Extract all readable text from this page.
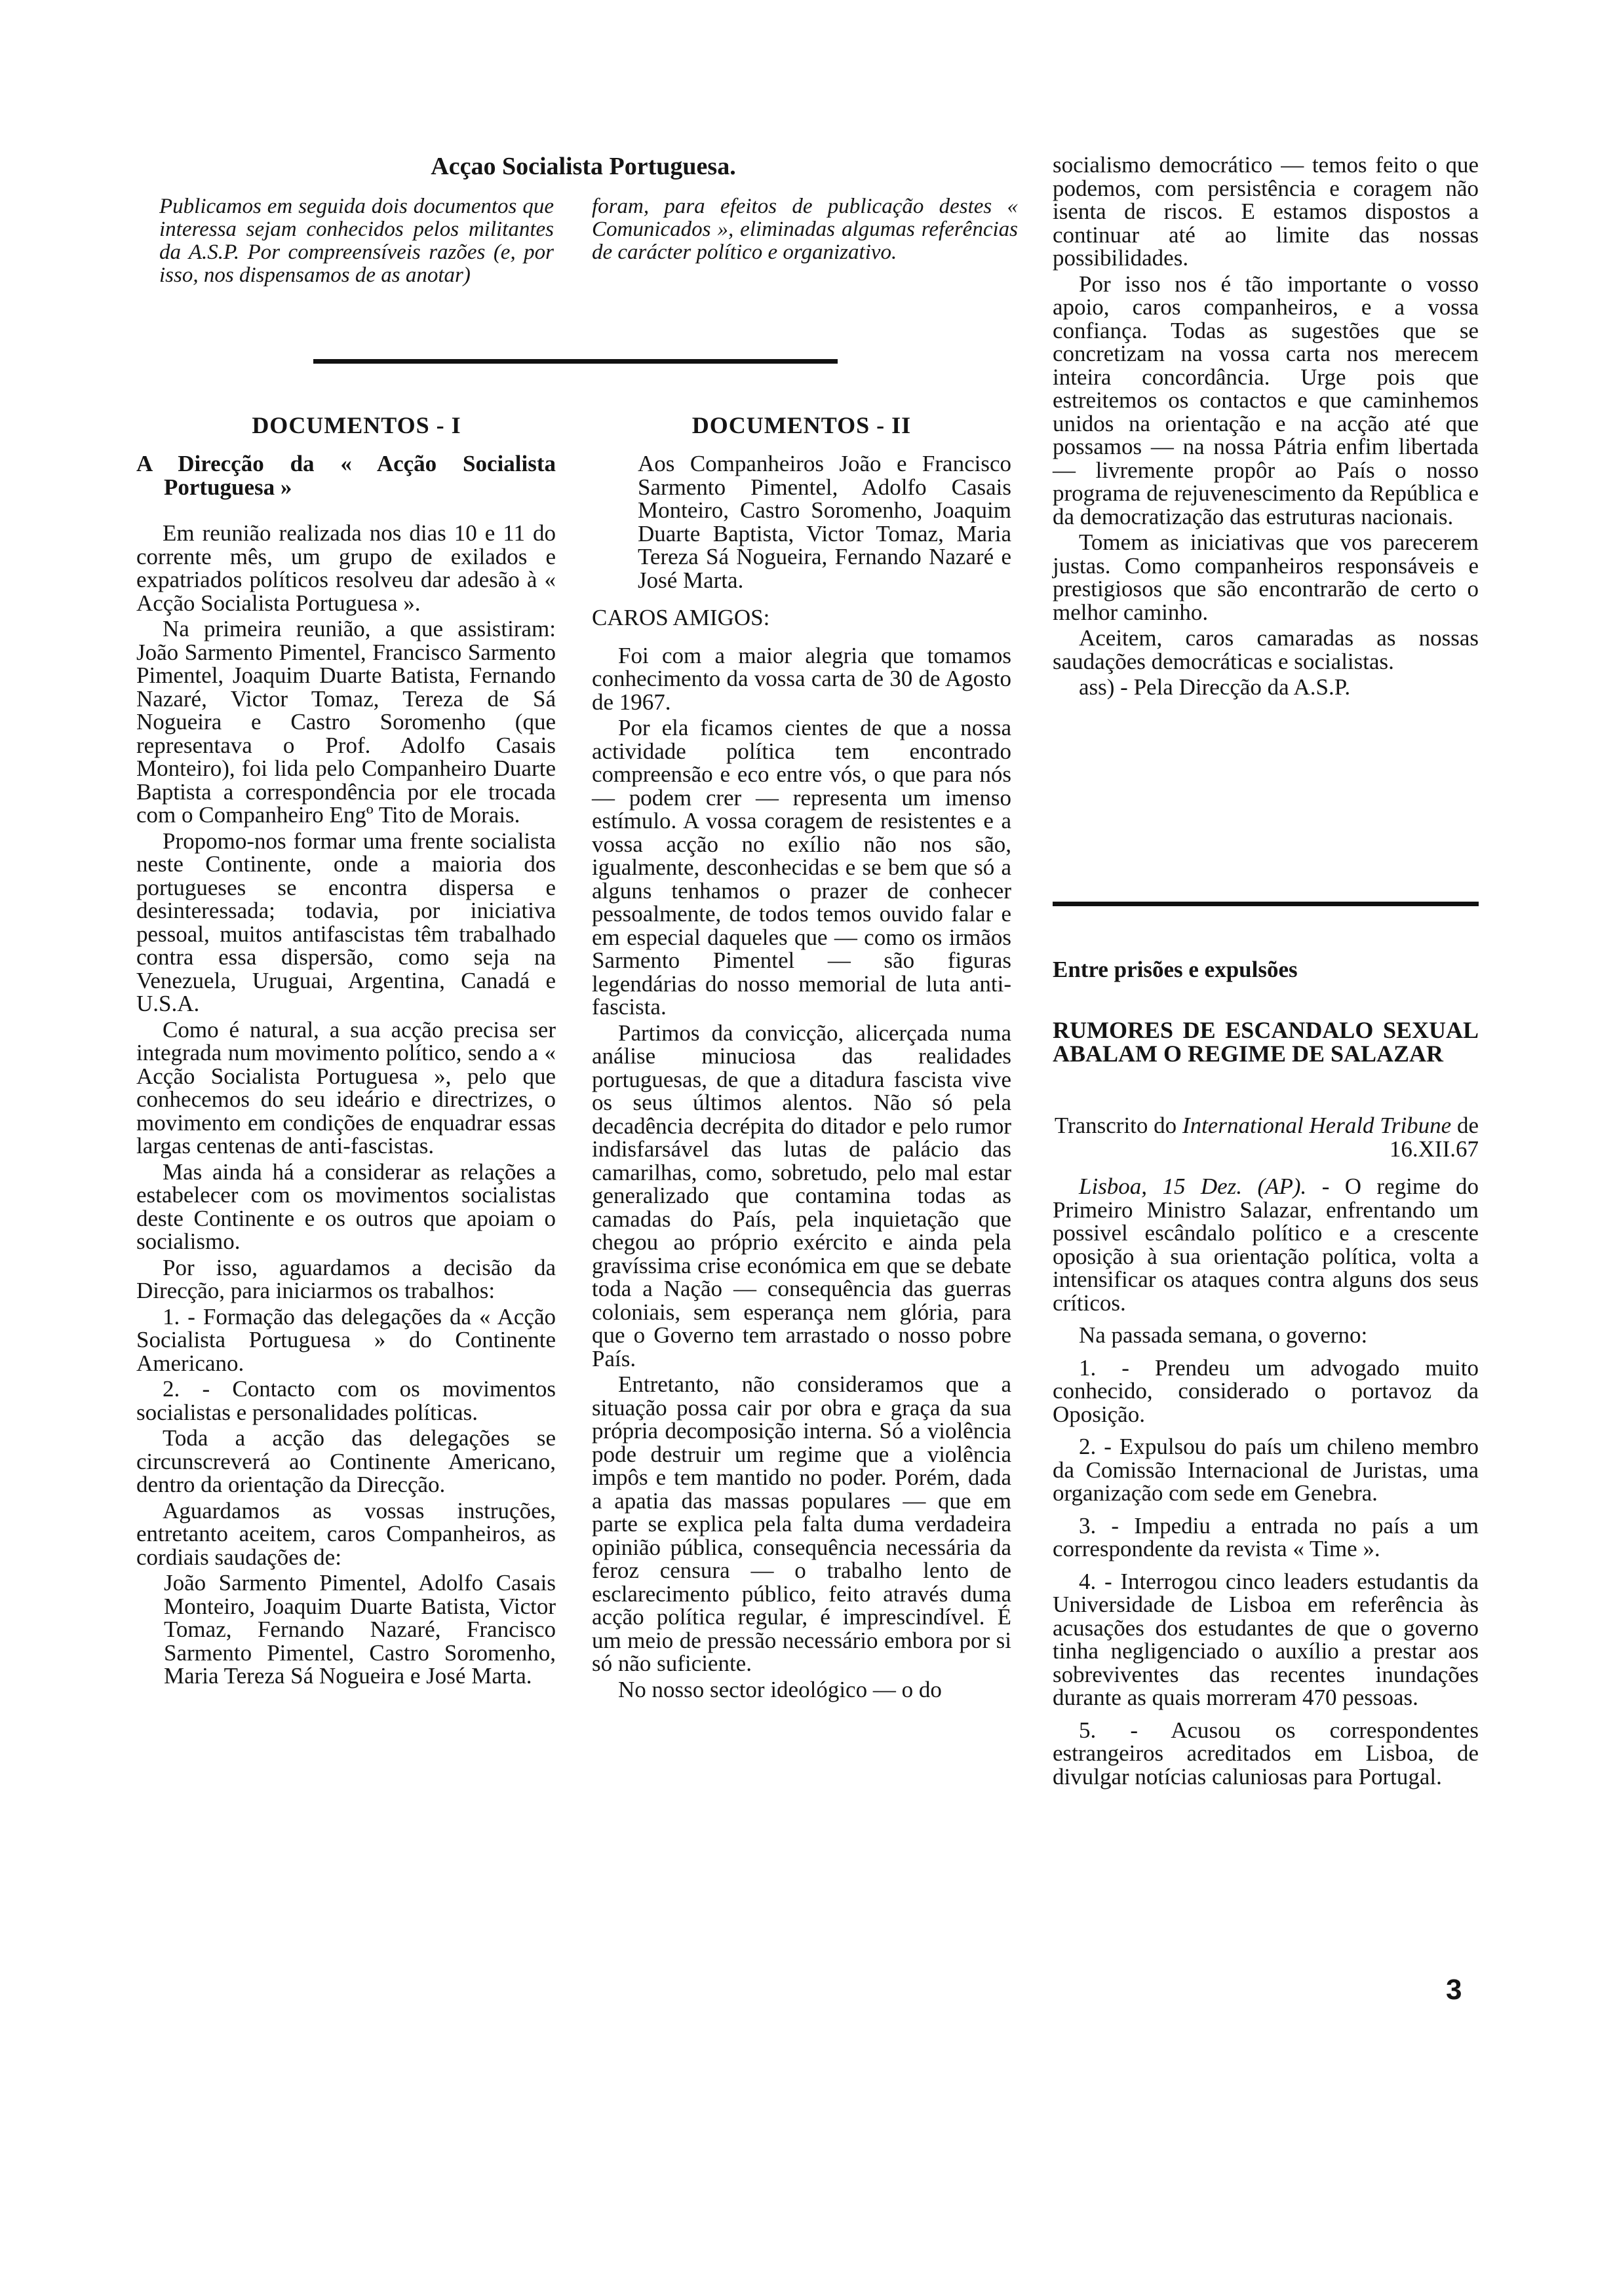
Acçao Socialista Portuguesa.
Publicamos em seguida dois documentos que interessa sejam conhecidos pelos militantes da A.S.P. Por compreensíveis razões (e, por isso, nos dispensamos de as anotar)
foram, para efeitos de publicação destes « Comunicados », eliminadas algumas referências de carácter político e organizativo.
DOCUMENTOS - I

A Direcção da « Acção Socialista Portuguesa »

Em reunião realizada nos dias 10 e 11 do corrente mês, um grupo de exilados e expatriados políticos resolveu dar adesão à « Acção Socialista Portuguesa ».

Na primeira reunião, a que assistiram: João Sarmento Pimentel, Francisco Sarmento Pimentel, Joaquim Duarte Batista, Fernando Nazaré, Victor Tomaz, Tereza de Sá Nogueira e Castro Soromenho (que representava o Prof. Adolfo Casais Monteiro), foi lida pelo Companheiro Duarte Baptista a correspondência por ele trocada com o Companheiro Engº Tito de Morais.

Propomo-nos formar uma frente socialista neste Continente, onde a maioria dos portugueses se encontra dispersa e desinteressada; todavia, por iniciativa pessoal, muitos antifascistas têm trabalhado contra essa dispersão, como seja na Venezuela, Uruguai, Argentina, Canadá e U.S.A.

Como é natural, a sua acção precisa ser integrada num movimento político, sendo a « Acção Socialista Portuguesa », pelo que conhecemos do seu ideário e directrizes, o movimento em condições de enquadrar essas largas centenas de anti-fascistas.

Mas ainda há a considerar as relações a estabelecer com os movimentos socialistas deste Continente e os outros que apoiam o socialismo.

Por isso, aguardamos a decisão da Direcção, para iniciarmos os trabalhos:

1. - Formação das delegações da « Acção Socialista Portuguesa » do Continente Americano.

2. - Contacto com os movimentos socialistas e personalidades políticas.

Toda a acção das delegações se circunscreverá ao Continente Americano, dentro da orientação da Direcção.

Aguardamos as vossas instruções, entretanto aceitem, caros Companheiros, as cordiais saudações de:

João Sarmento Pimentel, Adolfo Casais Monteiro, Joaquim Duarte Batista, Victor Tomaz, Fernando Nazaré, Francisco Sarmento Pimentel, Castro Soromenho, Maria Tereza Sá Nogueira e José Marta.

DOCUMENTOS - II

Aos Companheiros João e Francisco Sarmento Pimentel, Adolfo Casais Monteiro, Castro Soromenho, Joaquim Duarte Baptista, Victor Tomaz, Maria Tereza Sá Nogueira, Fernando Nazaré e José Marta.

CAROS AMIGOS:

Foi com a maior alegria que tomamos conhecimento da vossa carta de 30 de Agosto de 1967.

Por ela ficamos cientes de que a nossa actividade política tem encontrado compreensão e eco entre vós, o que para nós — podem crer — representa um imenso estímulo. A vossa coragem de resistentes e a vossa acção no exílio não nos são, igualmente, desconhecidas e se bem que só a alguns tenhamos o prazer de conhecer pessoalmente, de todos temos ouvido falar e em especial daqueles que — como os irmãos Sarmento Pimentel — são figuras legendárias do nosso memorial de luta anti-fascista.

Partimos da convicção, alicerçada numa análise minuciosa das realidades portuguesas, de que a ditadura fascista vive os seus últimos alentos. Não só pela decadência decrépita do ditador e pelo rumor indisfarsável das lutas de palácio das camarilhas, como, sobretudo, pelo mal estar generalizado que contamina todas as camadas do País, pela inquietação que chegou ao próprio exército e ainda pela gravíssima crise económica em que se debate toda a Nação — consequência das guerras coloniais, sem esperança nem glória, para que o Governo tem arrastado o nosso pobre País.

Entretanto, não consideramos que a situação possa cair por obra e graça da sua própria decomposição interna. Só a violência pode destruir um regime que a violência impôs e tem mantido no poder. Porém, dada a apatia das massas populares — que em parte se explica pela falta duma verdadeira opinião pública, consequência necessária da feroz censura — o trabalho lento de esclarecimento público, feito através duma acção política regular, é imprescindível. É um meio de pressão necessário embora por si só não suficiente.

No nosso sector ideológico — o do

socialismo democrático — temos feito o que podemos, com persistência e coragem não isenta de riscos. E estamos dispostos a continuar até ao limite das nossas possibilidades.

Por isso nos é tão importante o vosso apoio, caros companheiros, e a vossa confiança. Todas as sugestões que se concretizam na vossa carta nos merecem inteira concordância. Urge pois que estreitemos os contactos e que caminhemos unidos na orientação e na acção até que possamos — na nossa Pátria enfim libertada — livremente propôr ao País o nosso programa de rejuvenescimento da República e da democratização das estruturas nacionais.

Tomem as iniciativas que vos parecerem justas. Como companheiros responsáveis e prestigiosos que são encontrarão de certo o melhor caminho.

Aceitem, caros camaradas as nossas saudações democráticas e socialistas.

ass) - Pela Direcção da A.S.P.

Entre prisões e expulsões

RUMORES DE ESCANDALO SEXUAL ABALAM O REGIME DE SALAZAR

Transcrito do International Herald Tribune de 16.XII.67

Lisboa, 15 Dez. (AP). - O regime do Primeiro Ministro Salazar, enfrentando um possivel escândalo político e a crescente oposição à sua orientação política, volta a intensificar os ataques contra alguns dos seus críticos.

Na passada semana, o governo:

1. - Prendeu um advogado muito conhecido, considerado o portavoz da Oposição.

2. - Expulsou do país um chileno membro da Comissão Internacional de Juristas, uma organização com sede em Genebra.

3. - Impediu a entrada no país a um correspondente da revista « Time ».

4. - Interrogou cinco leaders estudantis da Universidade de Lisboa em referência às acusações dos estudantes de que o governo tinha negligenciado o auxílio a prestar aos sobreviventes das recentes inundações durante as quais morreram 470 pessoas.

5. - Acusou os correspondentes estrangeiros acreditados em Lisboa, de divulgar notícias caluniosas para Portugal.

3
